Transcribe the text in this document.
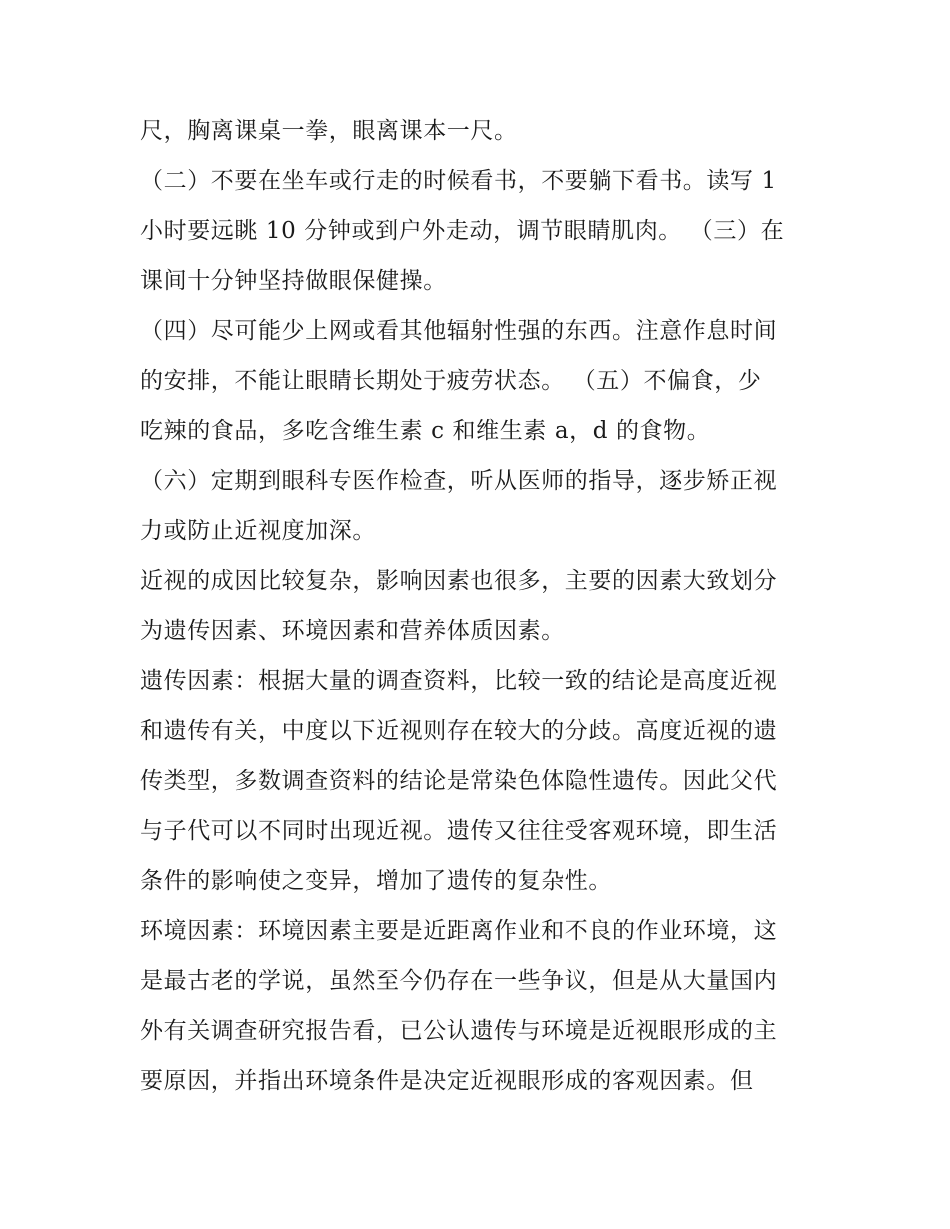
尺，胸离课桌一拳，眼离课本一尺。
（二）不要在坐车或行走的时候看书，不要躺下看书。读写 1
小时要远眺 10 分钟或到户外走动，调节眼睛肌肉。 （三）在
课间十分钟坚持做眼保健操。
（四）尽可能少上网或看其他辐射性强的东西。注意作息时间
的安排，不能让眼睛长期处于疲劳状态。 （五）不偏食，少
吃辣的食品，多吃含维生素 c 和维生素 a，d 的食物。
（六）定期到眼科专医作检查，听从医师的指导，逐步矫正视
力或防止近视度加深。
近视的成因比较复杂，影响因素也很多，主要的因素大致划分
为遗传因素、环境因素和营养体质因素。
遗传因素：根据大量的调查资料，比较一致的结论是高度近视
和遗传有关，中度以下近视则存在较大的分歧。高度近视的遗
传类型，多数调查资料的结论是常染色体隐性遗传。因此父代
与子代可以不同时出现近视。遗传又往往受客观环境，即生活
条件的影响使之变异，增加了遗传的复杂性。
环境因素：环境因素主要是近距离作业和不良的作业环境，这
是最古老的学说，虽然至今仍存在一些争议，但是从大量国内
外有关调查研究报告看，已公认遗传与环境是近视眼形成的主
要原因，并指出环境条件是决定近视眼形成的客观因素。但
